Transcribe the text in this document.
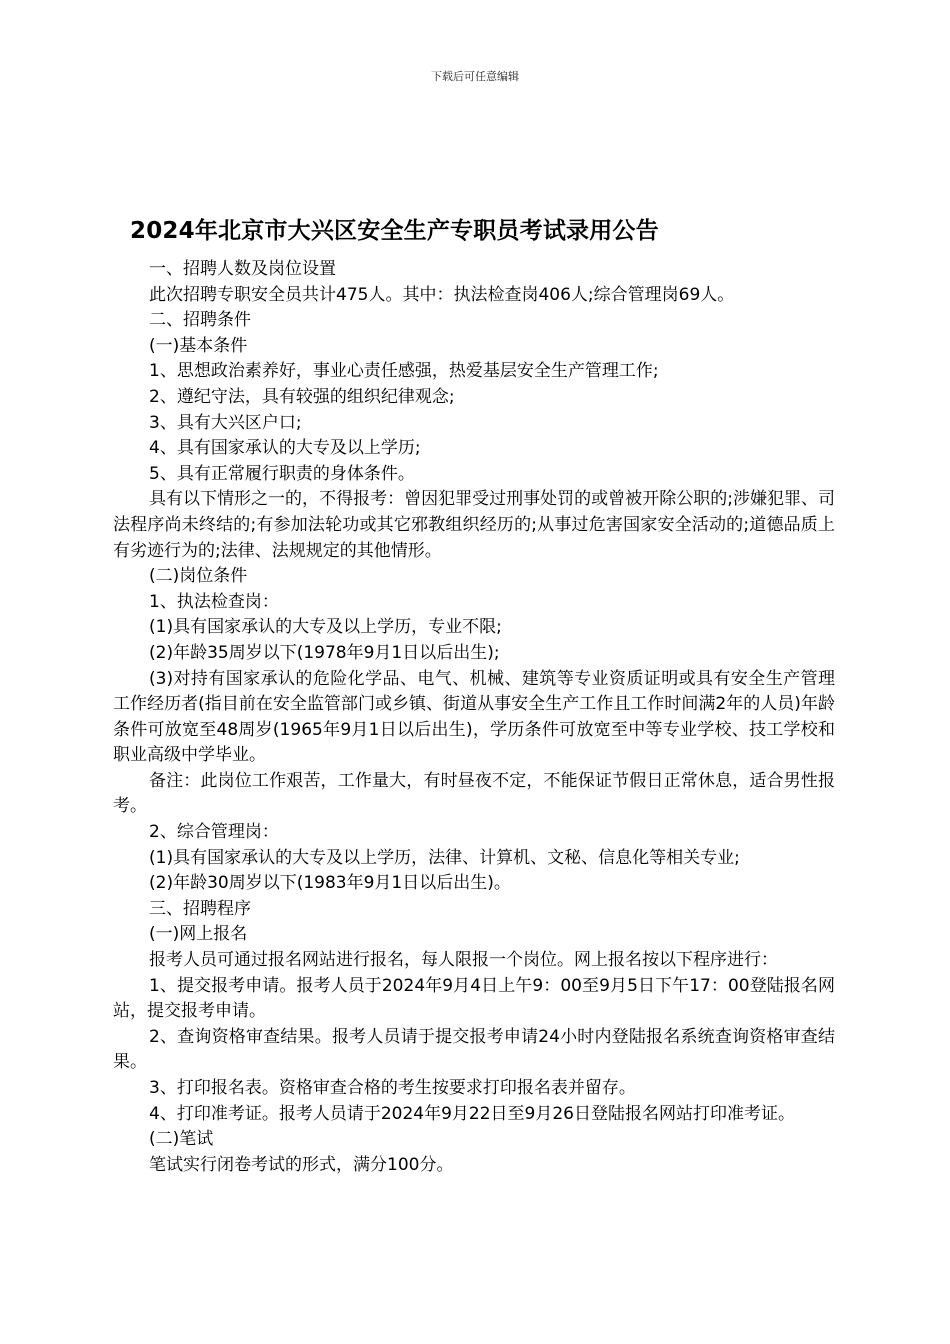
下载后可任意编辑
2024年北京市大兴区安全生产专职员考试录用公告

一、招聘人数及岗位设置

此次招聘专职安全员共计475人。其中：执法检查岗406人;综合管理岗69人。

二、招聘条件

(一)基本条件

1、思想政治素养好，事业心责任感强，热爱基层安全生产管理工作;

2、遵纪守法，具有较强的组织纪律观念;

3、具有大兴区户口;

4、具有国家承认的大专及以上学历;

5、具有正常履行职责的身体条件。

具有以下情形之一的，不得报考：曾因犯罪受过刑事处罚的或曾被开除公职的;涉嫌犯罪、司法程序尚未终结的;有参加法轮功或其它邪教组织经历的;从事过危害国家安全活动的;道德品质上有劣迹行为的;法律、法规规定的其他情形。

(二)岗位条件

1、执法检查岗：

(1)具有国家承认的大专及以上学历，专业不限;

(2)年龄35周岁以下(1978年9月1日以后出生);

(3)对持有国家承认的危险化学品、电气、机械、建筑等专业资质证明或具有安全生产管理工作经历者(指目前在安全监管部门或乡镇、街道从事安全生产工作且工作时间满2年的人员)年龄条件可放宽至48周岁(1965年9月1日以后出生)，学历条件可放宽至中等专业学校、技工学校和职业高级中学毕业。

备注：此岗位工作艰苦，工作量大，有时昼夜不定，不能保证节假日正常休息，适合男性报考。

2、综合管理岗：

(1)具有国家承认的大专及以上学历，法律、计算机、文秘、信息化等相关专业;

(2)年龄30周岁以下(1983年9月1日以后出生)。

三、招聘程序

(一)网上报名

报考人员可通过报名网站进行报名，每人限报一个岗位。网上报名按以下程序进行：

1、提交报考申请。报考人员于2024年9月4日上午9：00至9月5日下午17：00登陆报名网站，提交报考申请。

2、查询资格审查结果。报考人员请于提交报考申请24小时内登陆报名系统查询资格审查结果。

3、打印报名表。资格审查合格的考生按要求打印报名表并留存。

4、打印准考证。报考人员请于2024年9月22日至9月26日登陆报名网站打印准考证。

(二)笔试

笔试实行闭卷考试的形式，满分100分。
